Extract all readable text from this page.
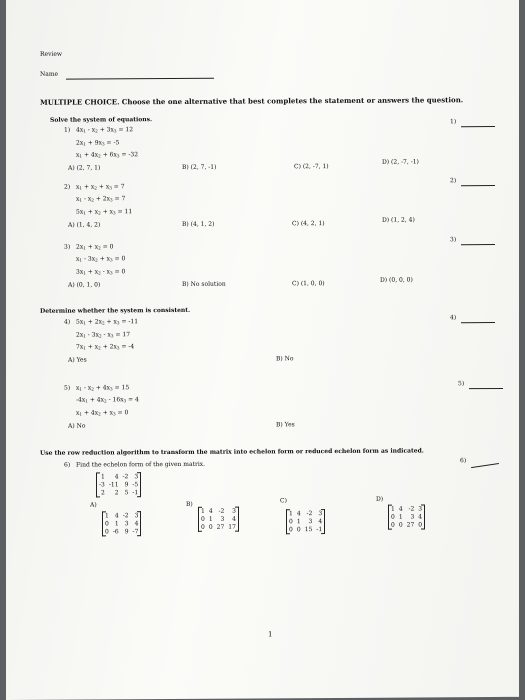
Review
Name
MULTIPLE CHOICE. Choose the one alternative that best completes the statement or answers the question.
Solve the system of equations.
1) $4x_1 - x_2 + 3x_3 = 12$
$2x_1 + 9x_3 = -5$
$x_1 + 4x_2 + 6x_3 = -32$
A) (2, 7, 1)	B) (2, 7, -1)	C) (2, -7, 1)
D) (2, -7, -1)
1)
2) $x_1 + x_2 + x_3 = 7$
$x_1 - x_2 + 2x_3 = 7$
$5x_1 + x_2 + x_3 = 11$
A) (1, 4, 2)	B) (4, 1, 2)	C) (4, 2, 1)	D) (1, 2, 4)
2)
3) $2x_1 + x_2 = 0$
$x_1 - 3x_2 + x_3 = 0$
$3x_1 + x_2 - x_3 = 0$
A) (0, 1, 0)	B) No solution	C) (1, 0, 0)	D) (0, 0, 0)
3)
Determine whether the system is consistent.
4) $5x_1 + 2x_2 + x_3 = -11$
$2x_1 - 3x_2 - x_3 = 17$
$7x_1 + x_2 + 2x_3 = -4$
A) Yes	B) No
4)
5) $x_1 - x_2 + 4x_3 = 15$
$-4x_1 + 4x_2 - 16x_3 = 4$
$x_1 + 4x_2 + x_3 = 0$
A) No	B) Yes
5)
Use the row reduction algorithm to transform the matrix into echelon form or reduced echelon form as indicated.
6) Find the echelon form of the given matrix.
6)
1	4 -2	3
-3 -11	9 -5
2	2	5 -1
A)
1	4 -2	3
0	1	3	4
0 -6	9 -7
B)
1 4 -2	3
0 1	3	4
0 0 27 17
C)
1 4 -2	3
0 1	3	4
0 0 15 -1
D)
1 4 -2 3
0 1	3 4
0 0 27 0
1
